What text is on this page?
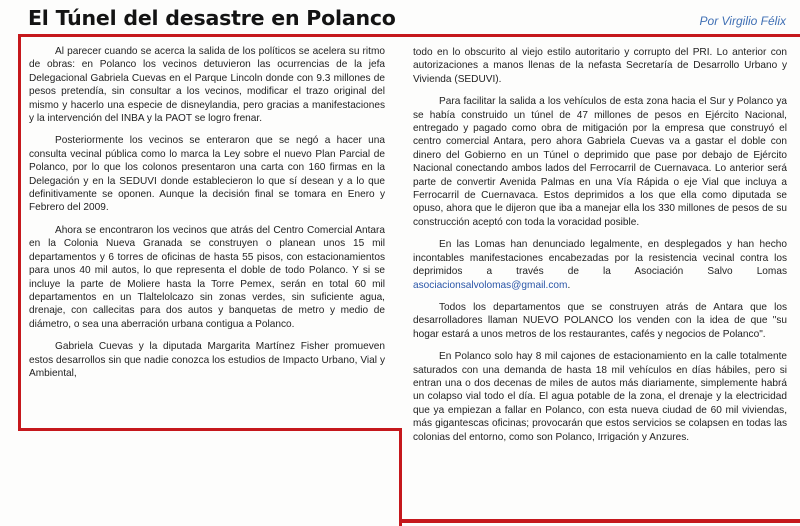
El Túnel del desastre en Polanco	Por Virgilio Félix

Al parecer cuando se acerca la salida de los políticos se acelera su ritmo de obras: en Polanco los vecinos detuvieron las ocurrencias de la jefa Delegacional Gabriela Cuevas en el Parque Lincoln donde con 9.3 millones de pesos pretendía, sin consultar a los vecinos, modificar el trazo original del mismo y hacerlo una especie de disneylandia, pero gracias a manifestaciones y la intervención del INBA y la PAOT se logro frenar.

Posteriormente los vecinos se enteraron que se negó a hacer una consulta vecinal pública como lo marca la Ley sobre el nuevo Plan Parcial de Polanco, por lo que los colonos presentaron una carta con 160 firmas en la Delegación y en la SEDUVI donde establecieron lo que sí desean y a lo que definitivamente se oponen. Aunque la decisión final se tomara en Enero y Febrero del 2009.

Ahora se encontraron los vecinos que atrás del Centro Comercial Antara en la Colonia Nueva Granada se construyen o planean unos 15 mil departamentos y 6 torres de oficinas de hasta 55 pisos, con estacionamientos para unos 40 mil autos, lo que representa el doble de todo Polanco. Y si se incluye la parte de Moliere hasta la Torre Pemex, serán en total 60 mil departamentos en un Tlaltelolcazo sin zonas verdes, sin suficiente agua, drenaje, con callecitas para dos autos y banquetas de metro y medio de diámetro, o sea una aberración urbana contigua a Polanco.

Gabriela Cuevas y la diputada Margarita Martínez Fisher promueven estos desarrollos sin que nadie conozca los estudios de Impacto Urbano, Vial y Ambiental,

todo en lo obscurito al viejo estilo autoritario y corrupto del PRI. Lo anterior con autorizaciones a manos llenas de la nefasta Secretaría de Desarrollo Urbano y Vivienda (SEDUVI).

Para facilitar la salida a los vehículos de esta zona hacia el Sur y Polanco ya se había construido un túnel de 47 millones de pesos en Ejército Nacional, entregado y pagado como obra de mitigación por la empresa que construyó el centro comercial Antara, pero ahora Gabriela Cuevas va a gastar el doble con dinero del Gobierno en un Túnel o deprimido que pase por debajo de Ejército Nacional conectando ambos lados del Ferrocarril de Cuernavaca. Lo anterior será parte de convertir Avenida Palmas en una Vía Rápida o eje Vial que incluya a Ferrocarril de Cuernavaca. Estos deprimidos a los que ella como diputada se opuso, ahora que le dijeron que iba a manejar ella los 330 millones de pesos de su construcción aceptó con toda la voracidad posible.

En las Lomas han denunciado legalmente, en desplegados y han hecho incontables manifestaciones encabezadas por la resistencia vecinal contra los deprimidos a través de la Asociación Salvo Lomas asociacionsalvolomas@gmail.com.

Todos los departamentos que se construyen atrás de Antara que los desarrolladores llaman NUEVO POLANCO los venden con la idea de que "su hogar estará a unos metros de los restaurantes, cafés y negocios de Polanco".

En Polanco solo hay 8 mil cajones de estacionamiento en la calle totalmente saturados con una demanda de hasta 18 mil vehículos en días hábiles, pero si entran una o dos decenas de miles de autos más diariamente, simplemente habrá un colapso vial todo el día. El agua potable de la zona, el drenaje y la electricidad que ya empiezan a fallar en Polanco, con esta nueva ciudad de 60 mil viviendas, más gigantescas oficinas; provocarán que estos servicios se colapsen en todas las colonias del entorno, como son Polanco, Irrigación y Anzures.
